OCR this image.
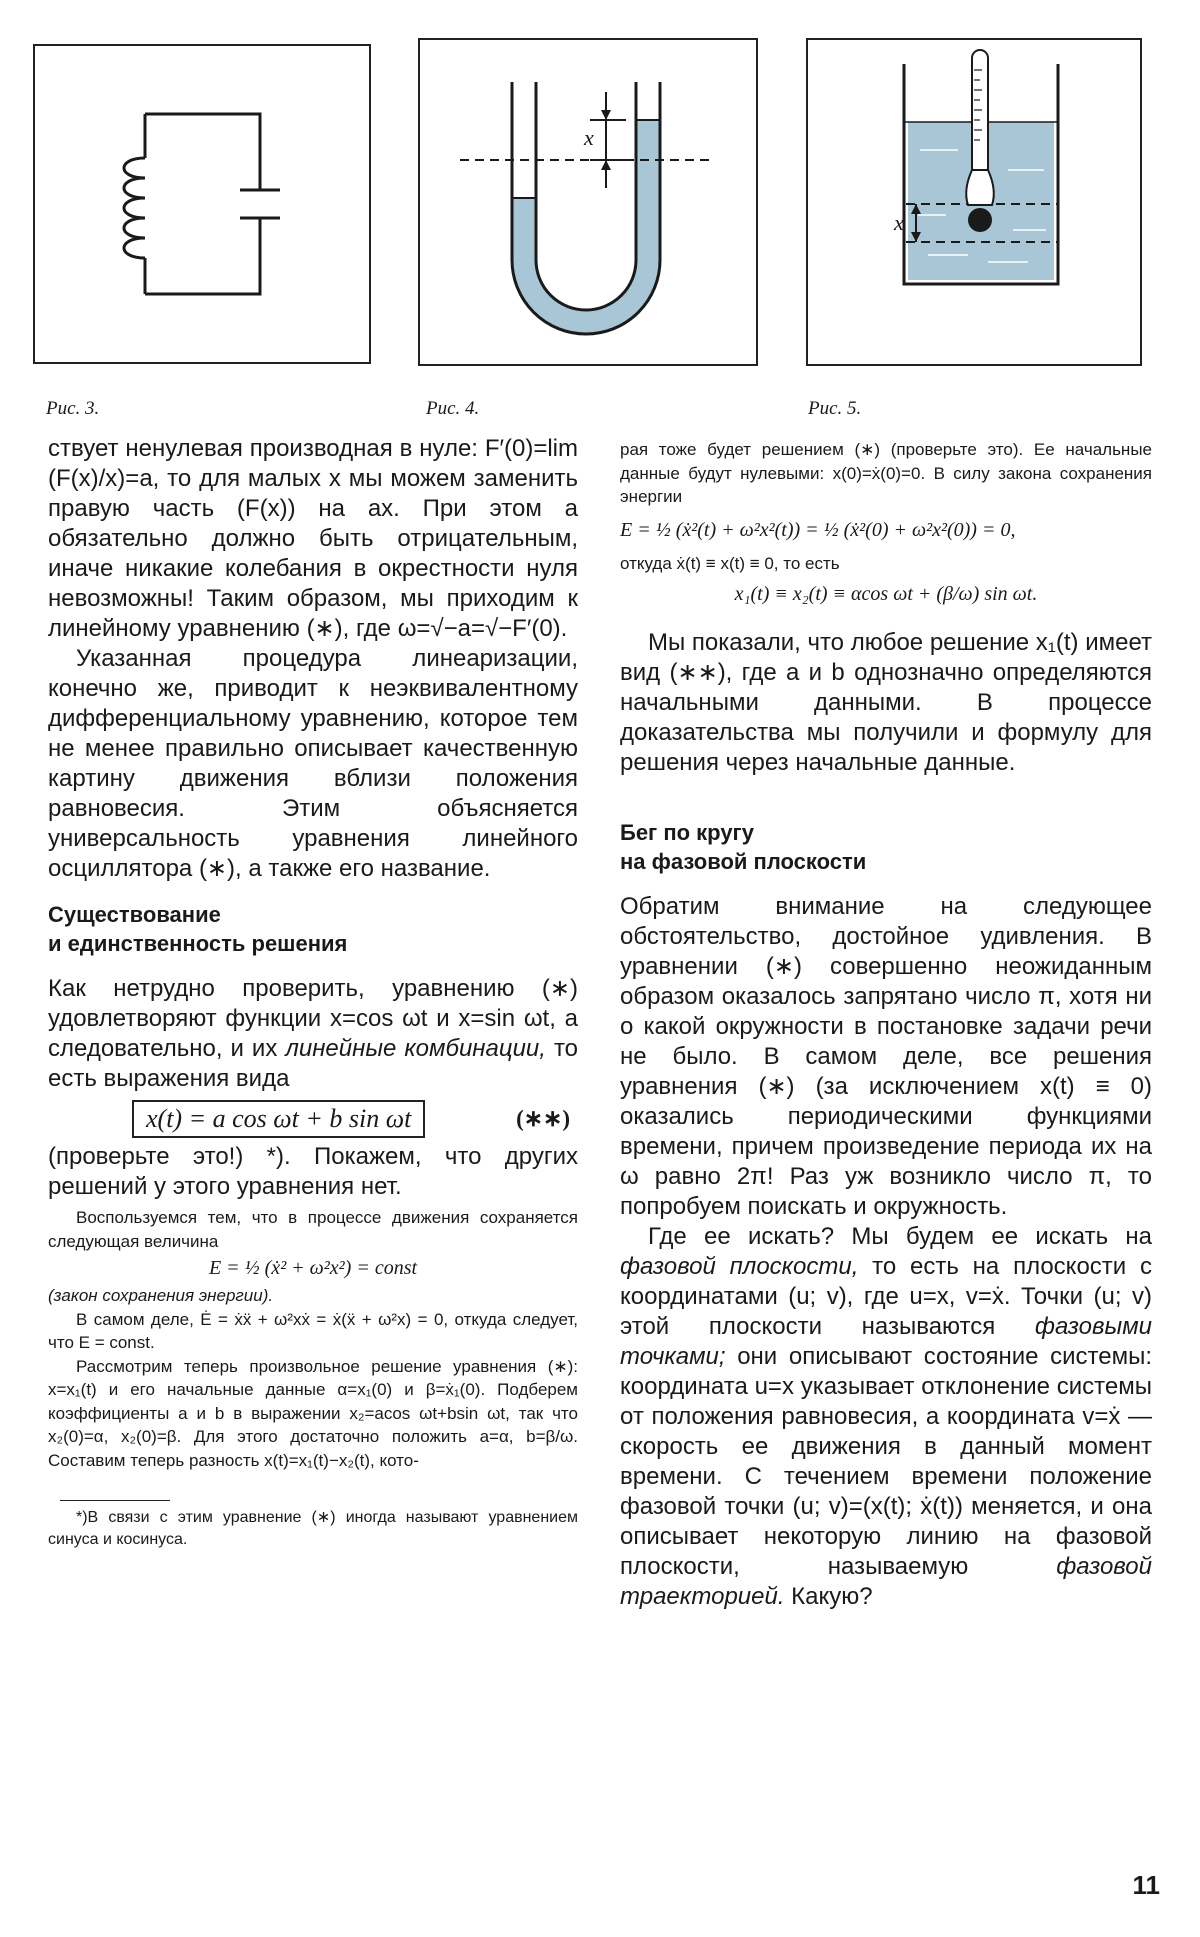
Рис. 3.
x
Рис. 4.
x
Рис. 5.

ствует ненулевая производная в нуле: F′(0)=lim (F(x)/x)=a, то для малых x мы можем заменить правую часть (F(x)) на ax. При этом a обязательно должно быть отрицательным, иначе никакие колебания в окрестности нуля невозможны! Таким образом, мы приходим к линейному уравнению (∗), где ω=√−a=√−F′(0).

Указанная процедура линеаризации, конечно же, приводит к неэквивалентному дифференциальному уравнению, которое тем не менее правильно описывает качественную картину движения вблизи положения равновесия. Этим объясняется универсальность уравнения линейного осциллятора (∗), а также его название.

Существование
и единственность решения

Как нетрудно проверить, уравнению (∗) удовлетворяют функции x=cos ωt и x=sin ωt, а следовательно, и их линейные комбинации, то есть выражения вида

x(t) = a cos ωt + b sin ωt	(∗∗)

(проверьте это!) *). Покажем, что других решений у этого уравнения нет.

Воспользуемся тем, что в процессе движения сохраняется следующая величина

E = ½ (ẋ² + ω²x²) = const

(закон сохранения энергии).

В самом деле, Ė = ẋẍ + ω²xẋ = ẋ(ẍ + ω²x) = 0, откуда следует, что E = const.

Рассмотрим теперь произвольное решение уравнения (∗): x=x₁(t) и его начальные данные α=x₁(0) и β=ẋ₁(0). Подберем коэффициенты a и b в выражении x₂=acos ωt+bsin ωt, так что x₂(0)=α, x₂(0)=β. Для этого достаточно положить a=α, b=β/ω. Составим теперь разность x(t)=x₁(t)−x₂(t), кото-

*)В связи с этим уравнение (∗) иногда называют уравнением синуса и косинуса.

рая тоже будет решением (∗) (проверьте это). Ее начальные данные будут нулевыми: x(0)=ẋ(0)=0. В силу закона сохранения энергии

E = ½ (ẋ²(t) + ω²x²(t)) = ½ (ẋ²(0) + ω²x²(0)) = 0,

откуда ẋ(t) ≡ x(t) ≡ 0, то есть

x₁(t) ≡ x₂(t) ≡ αcos ωt + (β/ω) sin ωt.

Мы показали, что любое решение x₁(t) имеет вид (∗∗), где a и b однозначно определяются начальными данными. В процессе доказательства мы получили и формулу для решения через начальные данные.

Бег по кругу
на фазовой плоскости

Обратим внимание на следующее обстоятельство, достойное удивления. В уравнении (∗) совершенно неожиданным образом оказалось запрятано число π, хотя ни о какой окружности в постановке задачи речи не было. В самом деле, все решения уравнения (∗) (за исключением x(t) ≡ 0) оказались периодическими функциями времени, причем произведение периода их на ω равно 2π! Раз уж возникло число π, то попробуем поискать и окружность.

Где ее искать? Мы будем ее искать на фазовой плоскости, то есть на плоскости с координатами (u; v), где u=x, v=ẋ. Точки (u; v) этой плоскости называются фазовыми точками; они описывают состояние системы: координата u=x указывает отклонение системы от положения равновесия, а координата v=ẋ — скорость ее движения в данный момент времени. С течением времени положение фазовой точки (u; v)=(x(t); ẋ(t)) меняется, и она описывает некоторую линию на фазовой плоскости, называемую	фазовой траекторией. Какую?

11
